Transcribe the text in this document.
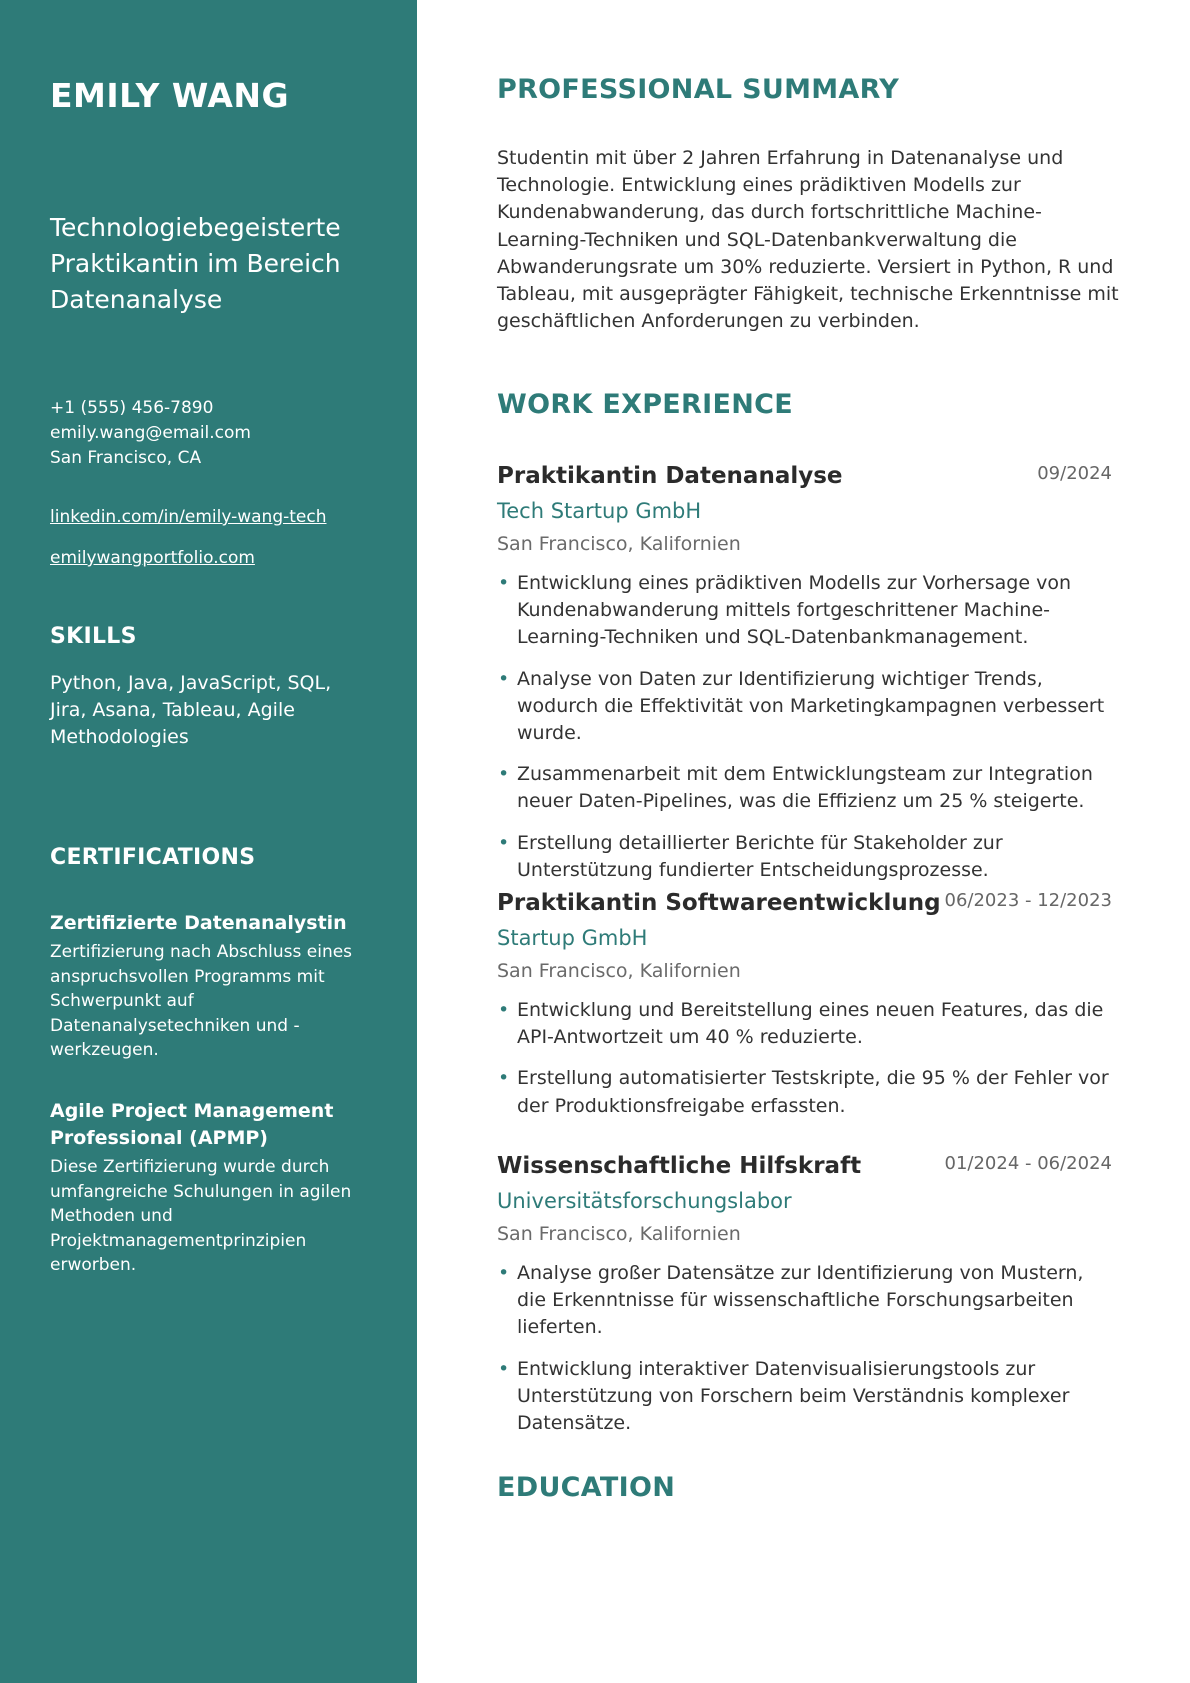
EMILY WANG
Technologiebegeisterte Praktikantin im Bereich Datenanalyse
+1 (555) 456-7890
emily.wang@email.com
San Francisco, CA
linkedin.com/in/emily-wang-tech
emilywangportfolio.com
SKILLS
Python, Java, JavaScript, SQL, Jira, Asana, Tableau, Agile Methodologies
CERTIFICATIONS
Zertifizierte Datenanalystin
Zertifizierung nach Abschluss eines anspruchsvollen Programms mit Schwerpunkt auf Datenanalysetechniken und -werkzeugen.
Agile Project Management Professional (APMP)
Diese Zertifizierung wurde durch umfangreiche Schulungen in agilen Methoden und Projektmanagementprinzipien erworben.
PROFESSIONAL SUMMARY
Studentin mit über 2 Jahren Erfahrung in Datenanalyse und Technologie. Entwicklung eines prädiktiven Modells zur Kundenabwanderung, das durch fortschrittliche Machine-Learning-Techniken und SQL-Datenbankverwaltung die Abwanderungsrate um 30% reduzierte. Versiert in Python, R und Tableau, mit ausgeprägter Fähigkeit, technische Erkenntnisse mit geschäftlichen Anforderungen zu verbinden.
WORK EXPERIENCE
Praktikantin Datenanalyse	09/2024
Tech Startup GmbH
San Francisco, Kalifornien
• Entwicklung eines prädiktiven Modells zur Vorhersage von Kundenabwanderung mittels fortgeschrittener Machine-Learning-Techniken und SQL-Datenbankmanagement.
• Analyse von Daten zur Identifizierung wichtiger Trends, wodurch die Effektivität von Marketingkampagnen verbessert wurde.
• Zusammenarbeit mit dem Entwicklungsteam zur Integration neuer Daten-Pipelines, was die Effizienz um 25 % steigerte.
• Erstellung detaillierter Berichte für Stakeholder zur Unterstützung fundierter Entscheidungsprozesse.
Praktikantin Softwareentwicklung 06/2023 - 12/2023
Startup GmbH
San Francisco, Kalifornien
• Entwicklung und Bereitstellung eines neuen Features, das die API-Antwortzeit um 40 % reduzierte.
• Erstellung automatisierter Testskripte, die 95 % der Fehler vor der Produktionsfreigabe erfassten.
Wissenschaftliche Hilfskraft	01/2024 - 06/2024
Universitätsforschungslabor
San Francisco, Kalifornien
• Analyse großer Datensätze zur Identifizierung von Mustern, die Erkenntnisse für wissenschaftliche Forschungsarbeiten lieferten.
• Entwicklung interaktiver Datenvisualisierungstools zur Unterstützung von Forschern beim Verständnis komplexer Datensätze.
EDUCATION
